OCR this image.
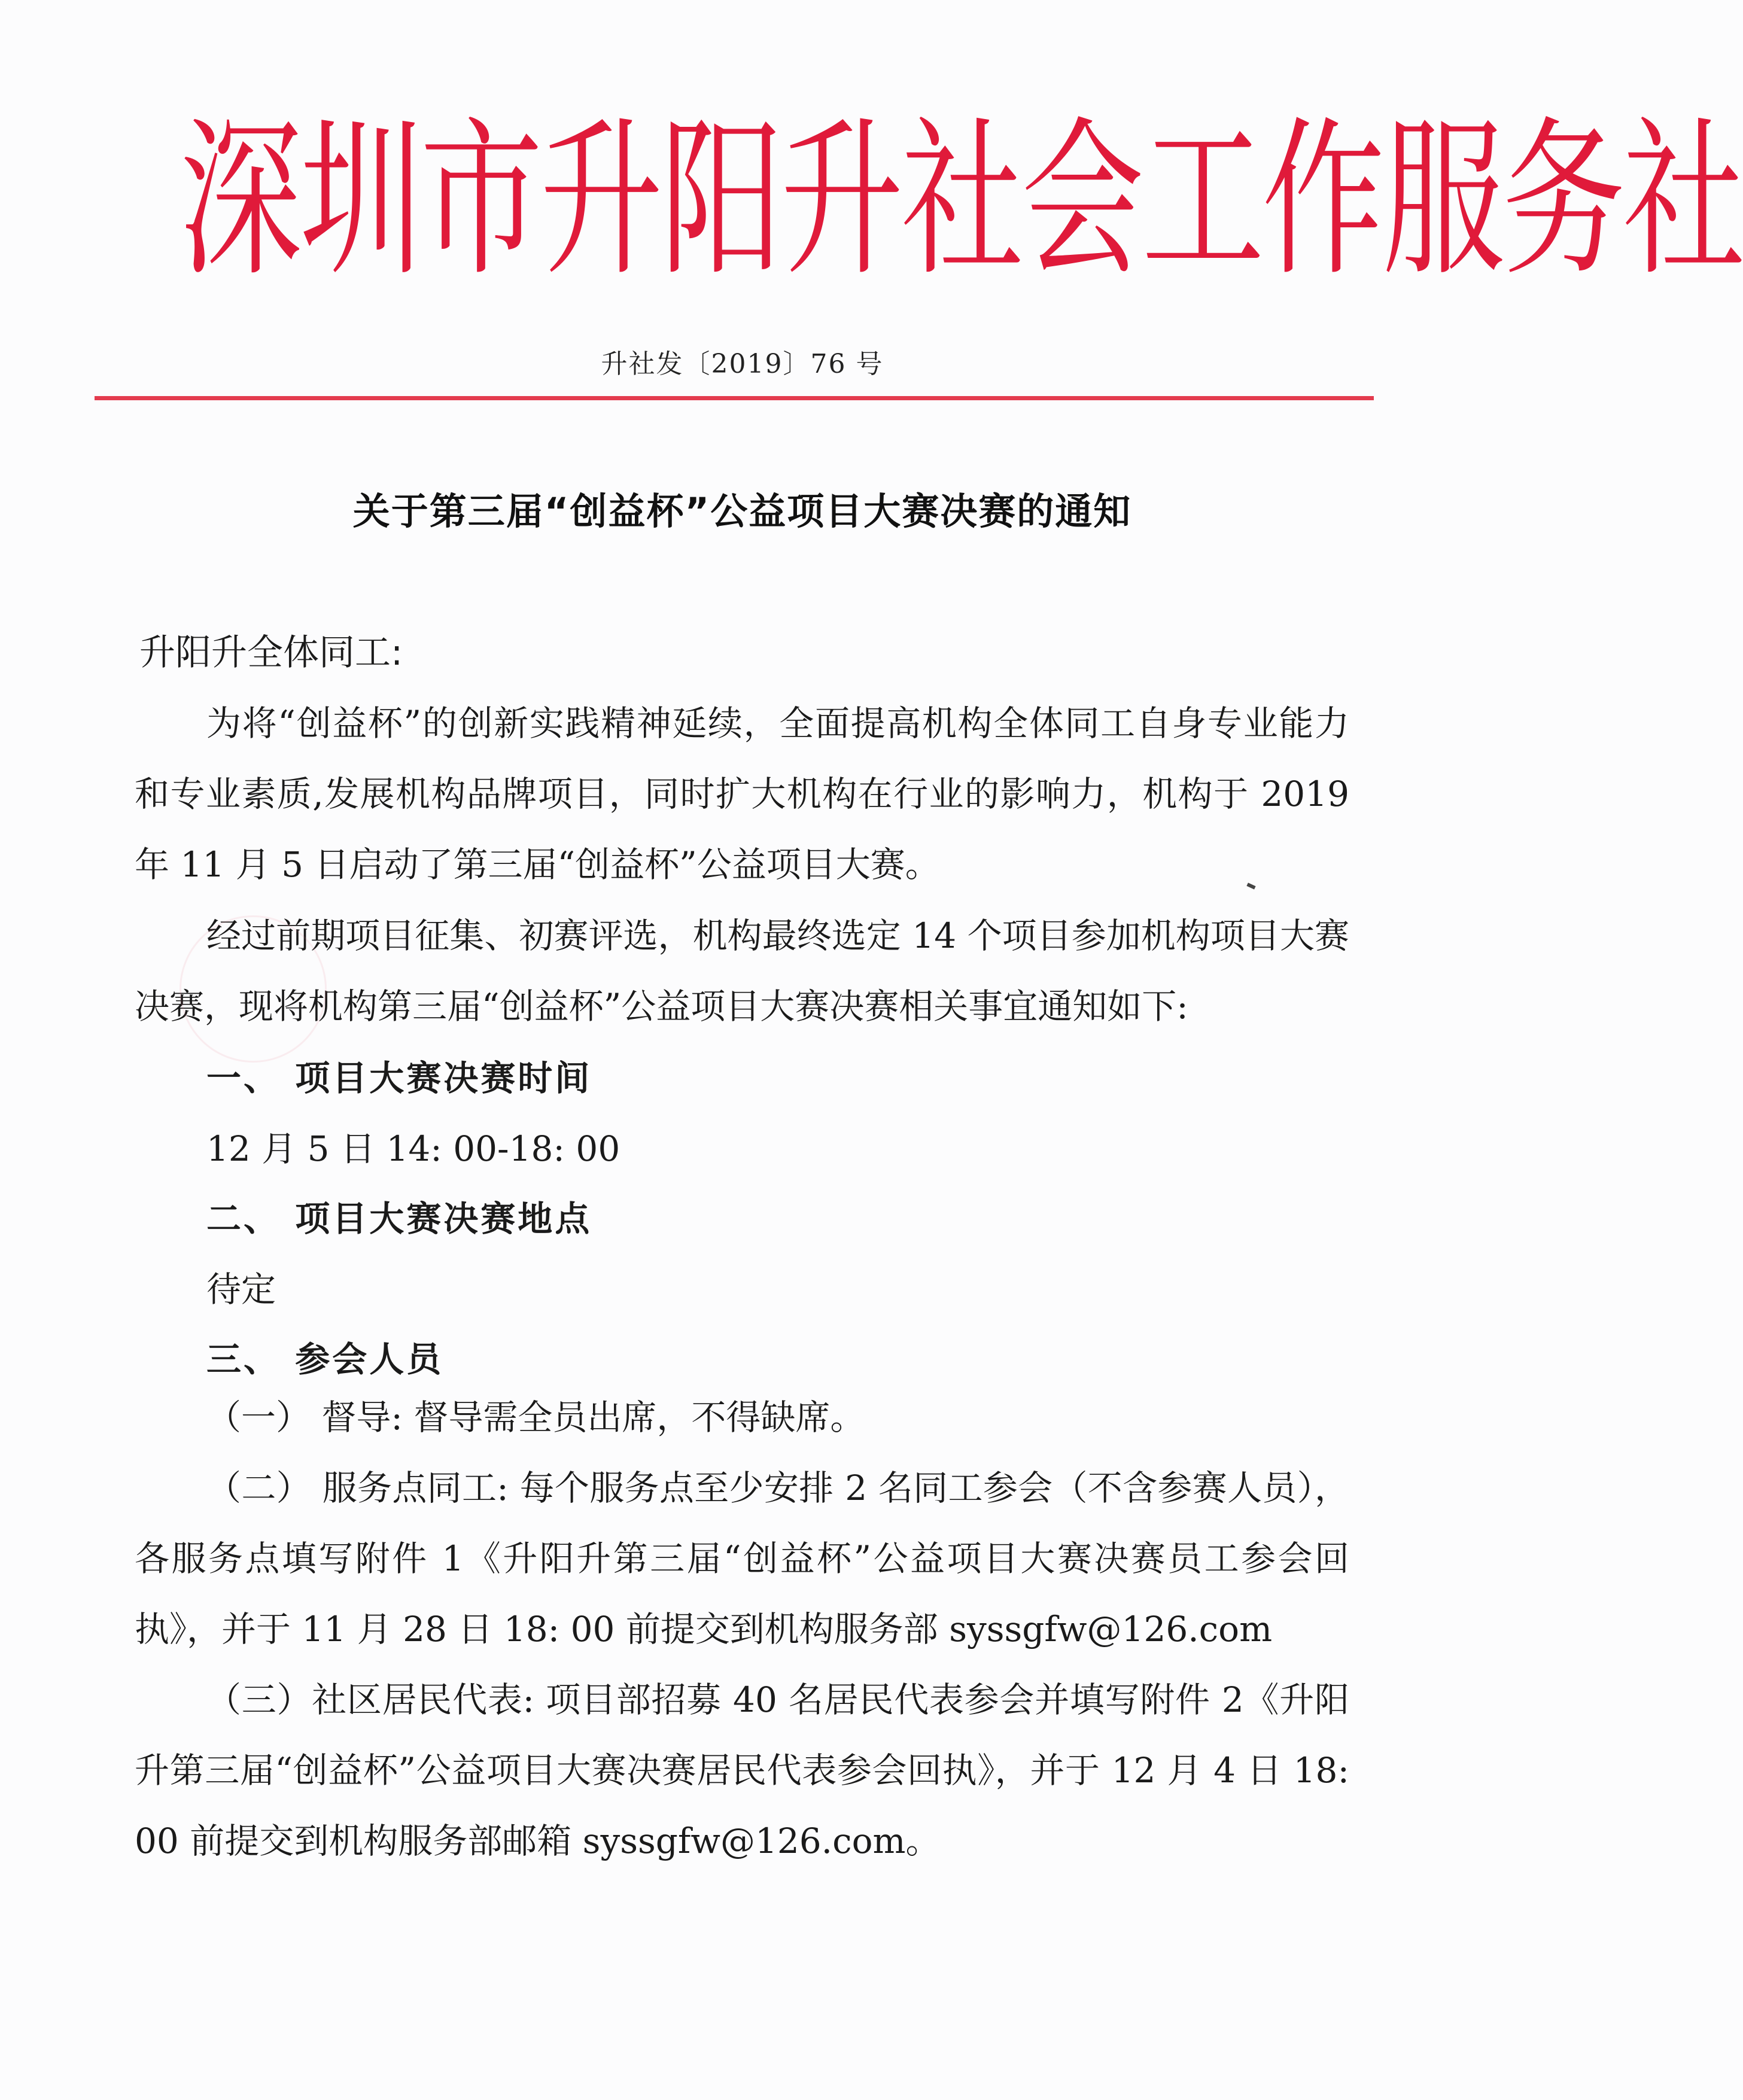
深圳市升阳升社会工作服务社
升社发〔2019〕76 号
关于第三届“创益杯”公益项目大赛决赛的通知
升阳升全体同工:
为将“创益杯”的创新实践精神延续，全面提高机构全体同工自身专业能力和专业素质,发展机构品牌项目，同时扩大机构在行业的影响力，机构于 2019 年 11 月 5 日启动了第三届“创益杯”公益项目大赛。
经过前期项目征集、初赛评选，机构最终选定 14 个项目参加机构项目大赛决赛，现将机构第三届“创益杯”公益项目大赛决赛相关事宜通知如下:
一、 项目大赛决赛时间
12 月 5 日 14: 00-18: 00
二、 项目大赛决赛地点
待定
三、 参会人员
（一） 督导: 督导需全员出席，不得缺席。
（二） 服务点同工: 每个服务点至少安排 2 名同工参会（不含参赛人员）， 各服务点填写附件 1《升阳升第三届“创益杯”公益项目大赛决赛员工参会回执》，并于 11 月 28 日 18: 00 前提交到机构服务部 syssgfw@126.com
（三）社区居民代表: 项目部招募 40 名居民代表参会并填写附件 2《升阳升第三届“创益杯”公益项目大赛决赛居民代表参会回执》，并于 12 月 4 日 18: 00 前提交到机构服务部邮箱 syssgfw@126.com。
